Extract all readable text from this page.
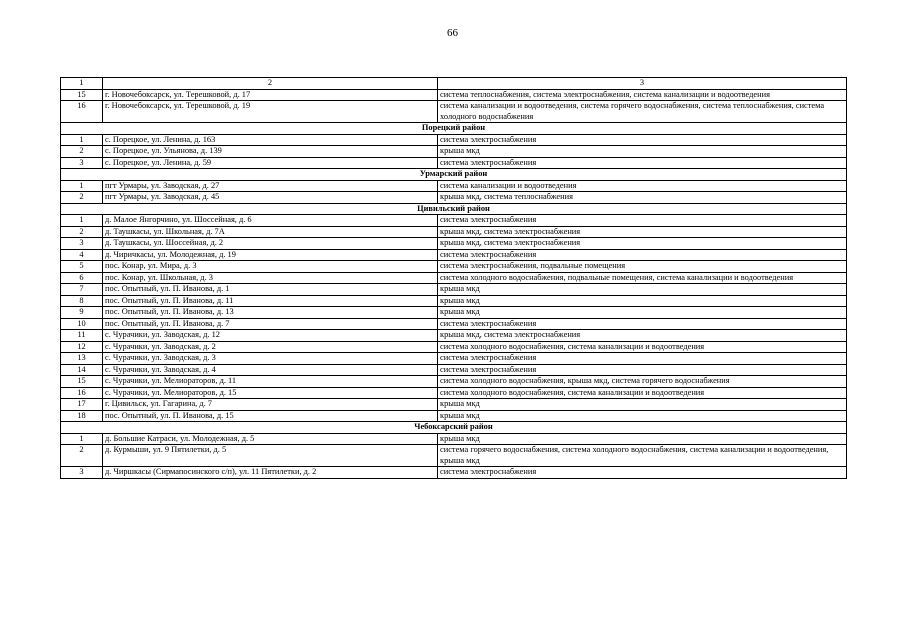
66
1	2	3
15	г. Новочебоксарск, ул. Терешковой, д. 17	система теплоснабжения, система электроснабжения, система канализации и водоотведения
16	г. Новочебоксарск, ул. Терешковой, д. 19	система канализации и водоотведения, система горячего водоснабжения, система теплоснабжения, система холодного водоснабжения
Порецкий район		
1	с. Порецкое, ул. Ленина, д. 163	система электроснабжения
2	с. Порецкое, ул. Ульянова, д. 139	крыша мкд
3	с. Порецкое, ул. Ленина, д. 59	система электроснабжения
Урмарский район		
1	пгт Урмары, ул. Заводская, д. 27	система канализации и водоотведения
2	пгт Урмары, ул. Заводская, д. 45	крыша мкд, система теплоснабжения
Цивильский район		
1	д. Малое Янгорчино, ул. Шоссейная, д. 6	система электроснабжения
2	д. Таушкасы, ул. Школьная, д. 7А	крыша мкд, система электроснабжения
3	д. Таушкасы, ул. Шоссейная, д. 2	крыша мкд, система электроснабжения
4	д. Чиричкасы, ул. Молодежная, д. 19	система электроснабжения
5	пос. Конар, ул. Мира, д. 3	система электроснабжения, подвальные помещения
6	пос. Конар, ул. Школьная, д. 3	система холодного водоснабжения, подвальные помещения, система канализации и водоотведения
7	пос. Опытный, ул. П. Иванова, д. 1	крыша мкд
8	пос. Опытный, ул. П. Иванова, д. 11	крыша мкд
9	пос. Опытный, ул. П. Иванова, д. 13	крыша мкд
10	пос. Опытный, ул. П. Иванова, д. 7	система электроснабжения
11	с. Чурачики, ул. Заводская, д. 12	крыша мкд, система электроснабжения
12	с. Чурачики, ул. Заводская, д. 2	система холодного водоснабжения, система канализации и водоотведения
13	с. Чурачики, ул. Заводская, д. 3	система электроснабжения
14	с. Чурачики, ул. Заводская, д. 4	система электроснабжения
15	с. Чурачики, ул. Мелиораторов, д. 11	система холодного водоснабжения, крыша мкд, система горячего водоснабжения
16	с. Чурачики, ул. Мелиораторов, д. 15	система холодного водоснабжения, система канализации и водоотведения
17	г. Цивильск, ул. Гагарина, д. 7	крыша мкд
18	пос. Опытный, ул. П. Иванова, д. 15	крыша мкд
Чебоксарский район		
1	д. Большие Катраси, ул. Молодежная, д. 5	крыша мкд
2	д. Курмыши, ул. 9 Пятилетки, д. 5	система горячего водоснабжения, система холодного водоснабжения, система канализации и водоотведения, крыша мкд
3	д. Чиршкасы (Сирмапосинского с/п), ул. 11 Пятилетки, д. 2	система электроснабжения
